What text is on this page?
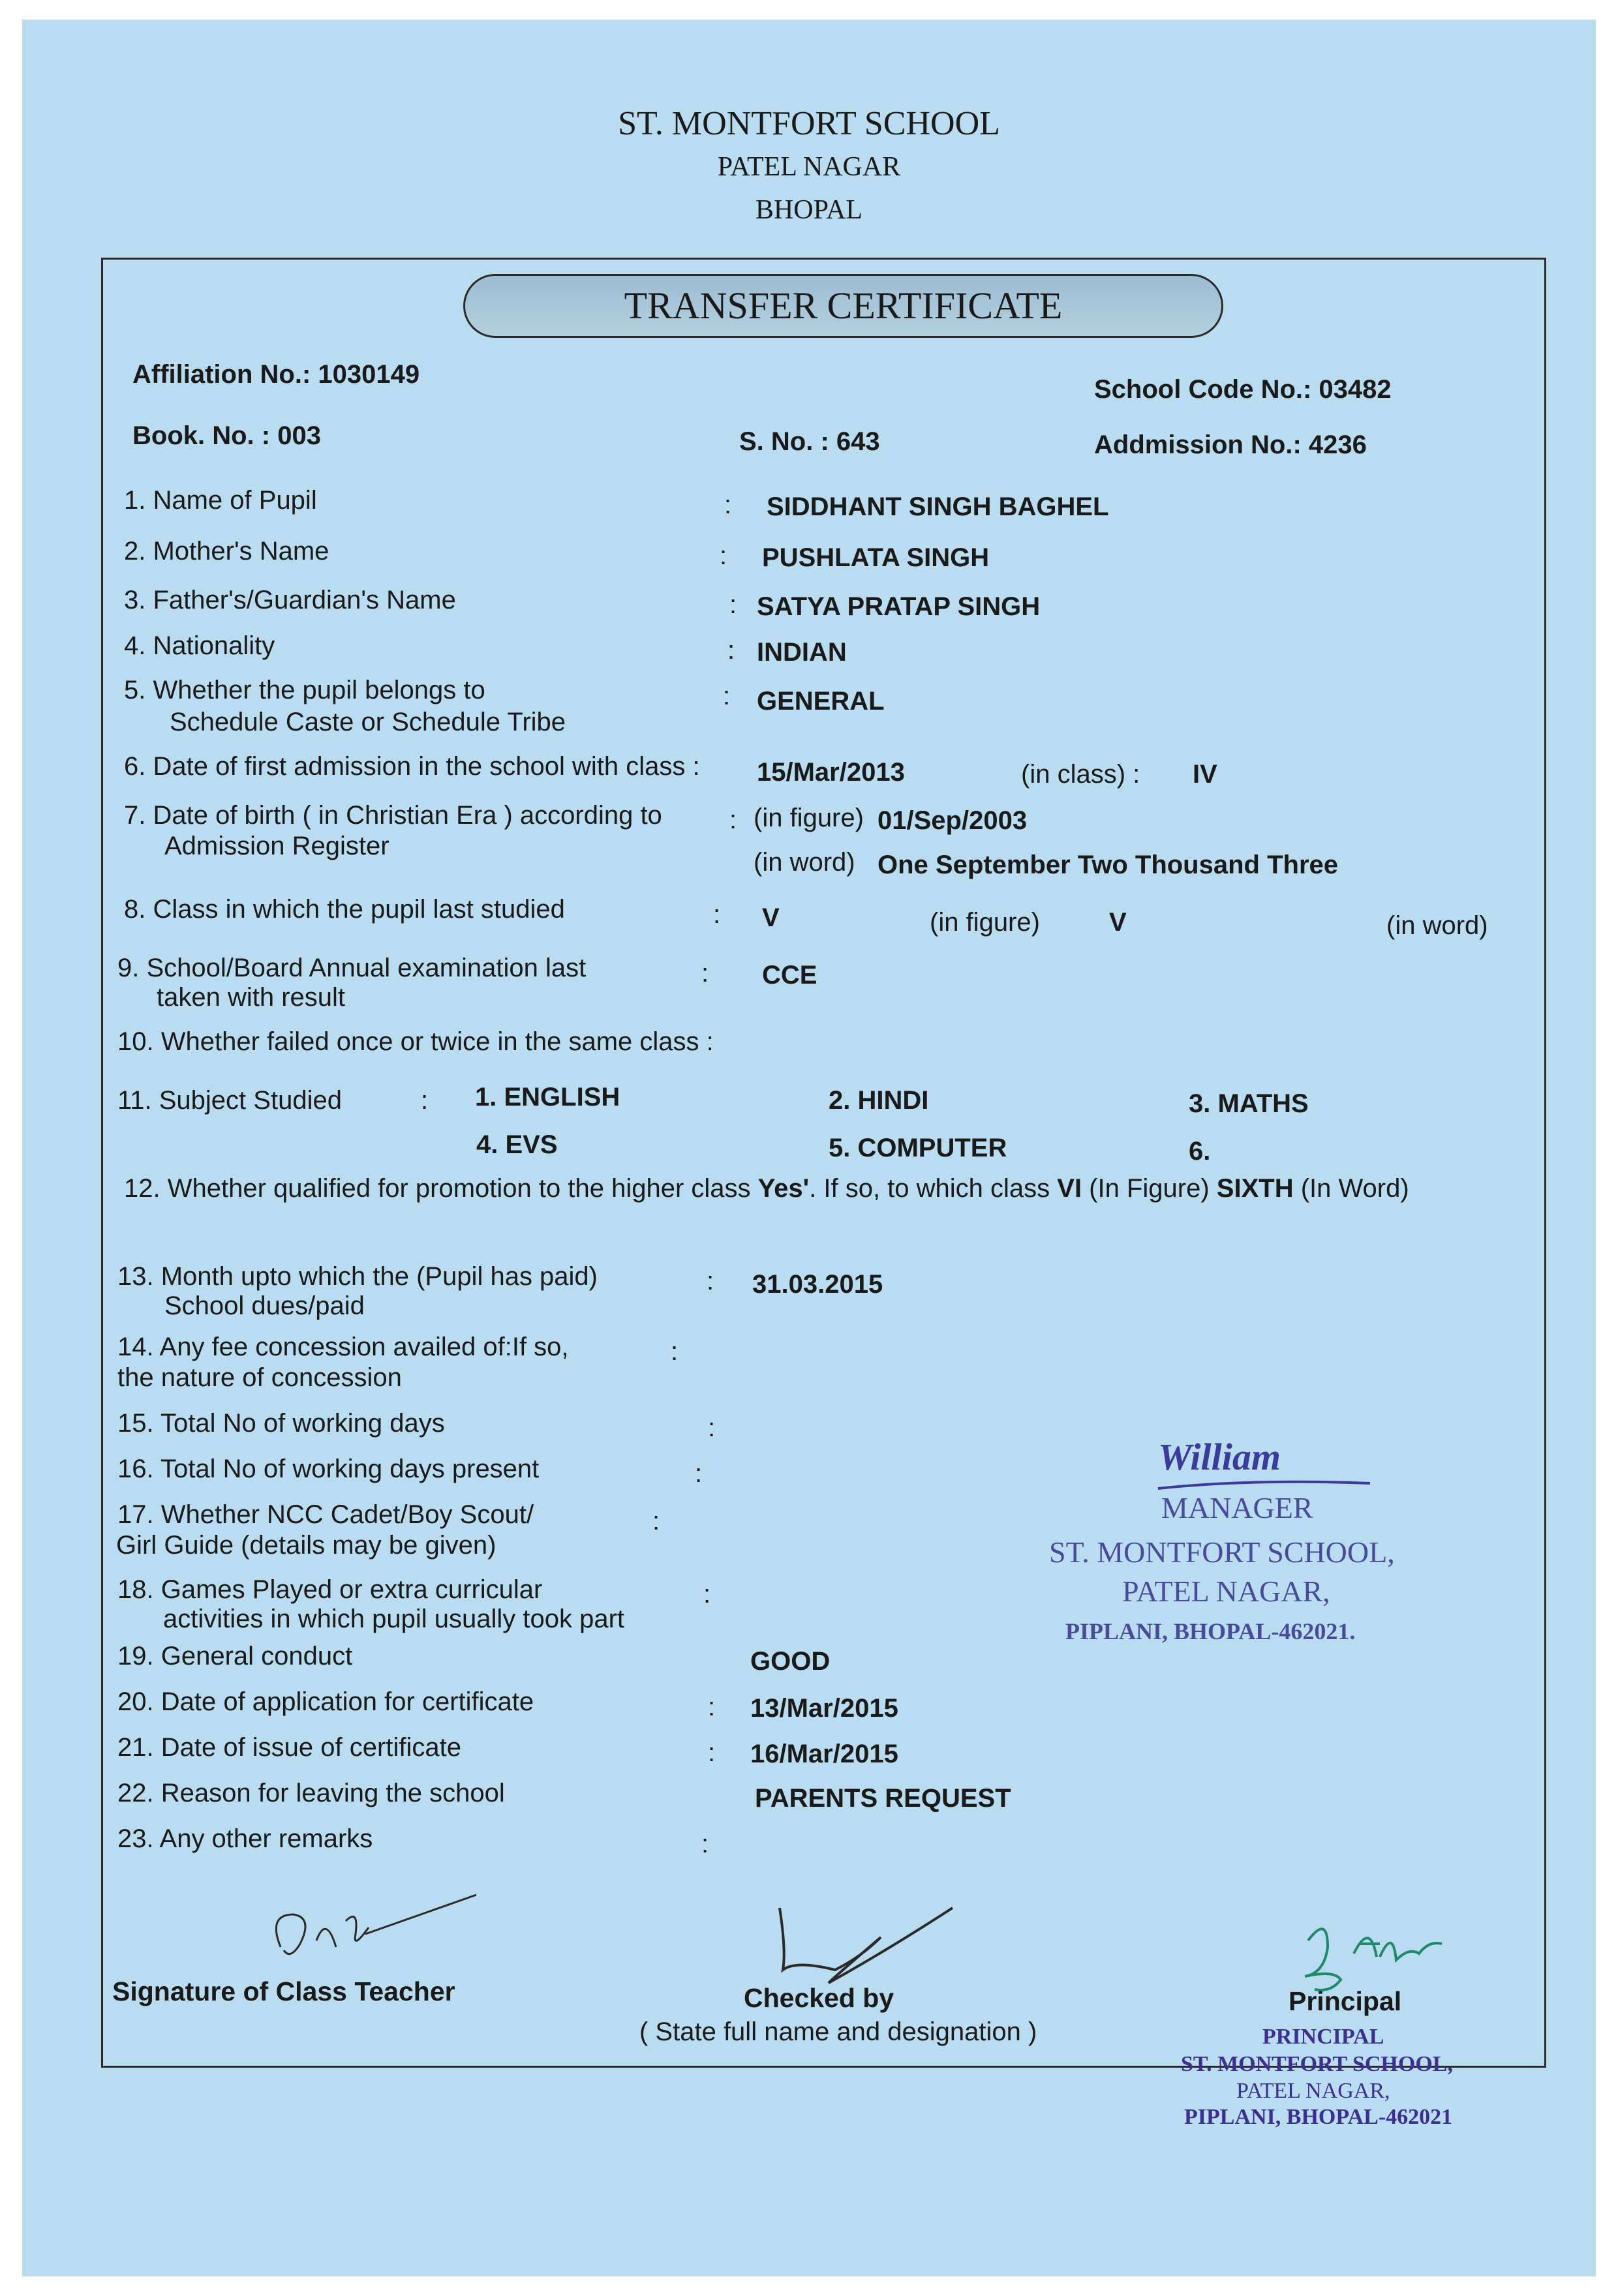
ST. MONTFORT SCHOOL
PATEL NAGAR
BHOPAL
TRANSFER CERTIFICATE
Affiliation No.: 1030149
School Code No.: 03482
Book. No. : 003	S. No. : 643	Addmission No.: 4236
1. Name of Pupil	: SIDDHANT SINGH BAGHEL
2. Mother's Name	: PUSHLATA SINGH
3. Father's/Guardian's Name	: SATYA PRATAP SINGH
4. Nationality	: INDIAN
5. Whether the pupil belongs to
Schedule Caste or Schedule Tribe
: GENERAL
6. Date of first admission in the school with class : 15/Mar/2013	(in class) : IV
7. Date of birth ( in Christian Era ) according to
Admission Register
: (in figure) 01/Sep/2003
(in word) One September Two Thousand Three
8. Class in which the pupil last studied	: V	(in figure)	V	(in word)
9. School/Board Annual examination last
taken with result
: CCE
10. Whether failed once or twice in the same class :
11. Subject Studied	: 1. ENGLISH	2. HINDI	3. MATHS
4. EVS	5. COMPUTER	6.
12. Whether qualified for promotion to the higher class Yes'. If so, to which class VI (In Figure) SIXTH (In Word)
13. Month upto which the (Pupil has paid)
School dues/paid
: 31.03.2015
14. Any fee concession availed of:If so,
the nature of concession
:
15. Total No of working days	:
16. Total No of working days present	:
17. Whether NCC Cadet/Boy Scout/
Girl Guide (details may be given)
:
18. Games Played or extra curricular
activities in which pupil usually took part
:
19. General conduct	GOOD
20. Date of application for certificate	: 13/Mar/2015
21. Date of issue of certificate	: 16/Mar/2015
22. Reason for leaving the school	PARENTS REQUEST
23. Any other remarks	:
William
MANAGER
ST. MONTFORT SCHOOL,
PATEL NAGAR,
PIPLANI, BHOPAL-462021.
Signature of Class Teacher	Checked by
( State full name and designation )
Principal
PRINCIPAL
ST. MONTFORT SCHOOL,
PATEL NAGAR,
PIPLANI, BHOPAL-462021
